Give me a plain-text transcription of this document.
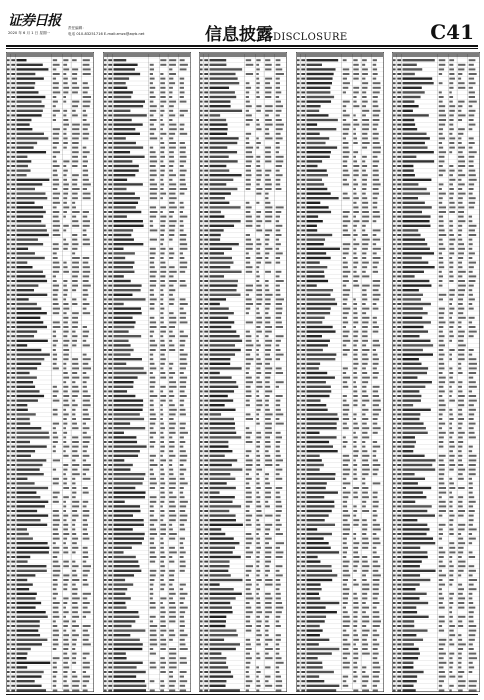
证券日报
2020 年 6 月 1 日 星期一
责任编辑：
电话 010-83251716 E-mail:zmzx@zqrb.net	信息披露DISCLOSURE	C41
